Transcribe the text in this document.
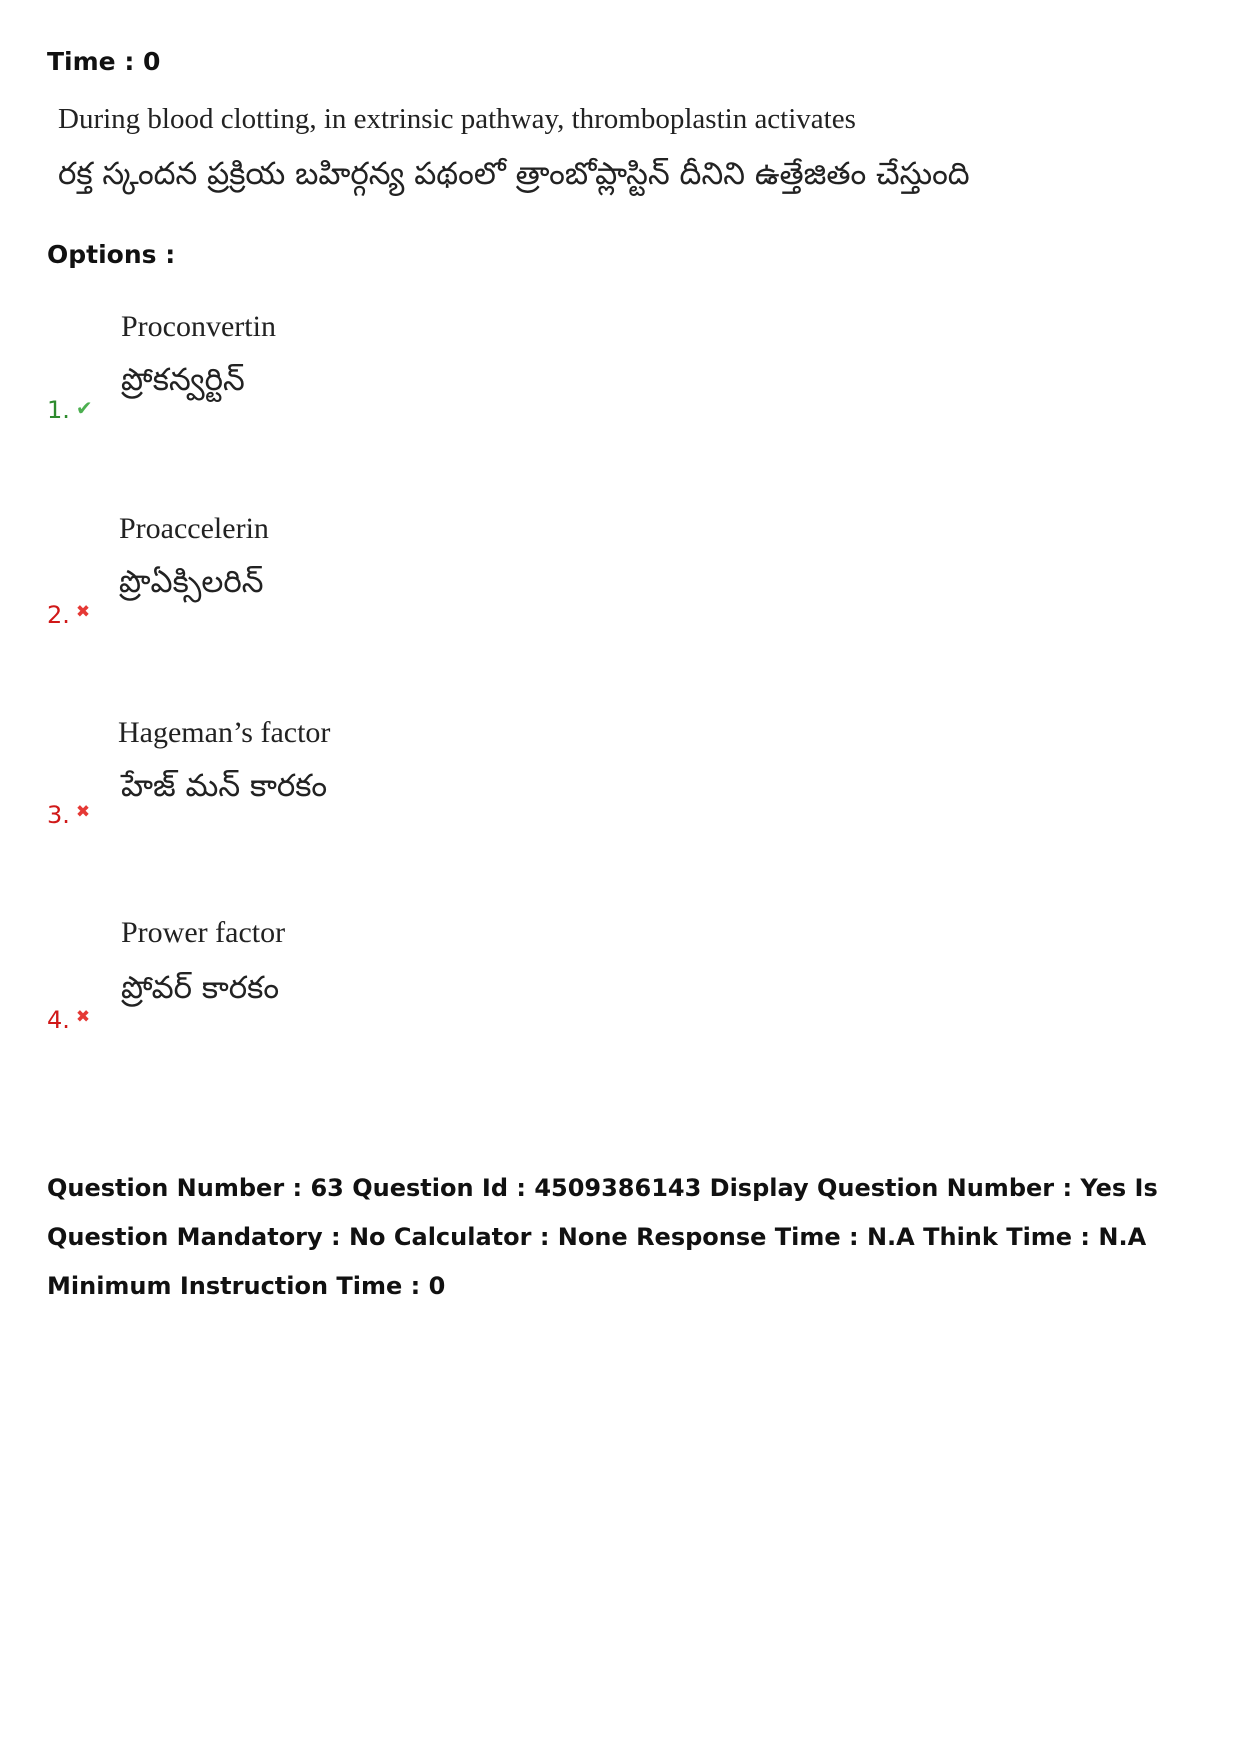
Time : 0
During blood clotting, in extrinsic pathway, thromboplastin activates
రక్త స్కందన ప్రక్రియ బహిర్గన్య పథంలో త్రాంబోప్లాస్టిన్ దీనిని ఉత్తేజితం చేస్తుంది
Options :
Proconvertin
ప్రోకన్వర్టిన్
1. ✔
Proaccelerin
ప్రొఏక్సిలరిన్
2. ✖
Hageman’s factor
హేజ్ మన్ కారకం
3. ✖
Prower factor
ప్రోవర్ కారకం
4. ✖
Question Number : 63 Question Id : 4509386143 Display Question Number : Yes Is Question Mandatory : No Calculator : None Response Time : N.A Think Time : N.A Minimum Instruction Time : 0
